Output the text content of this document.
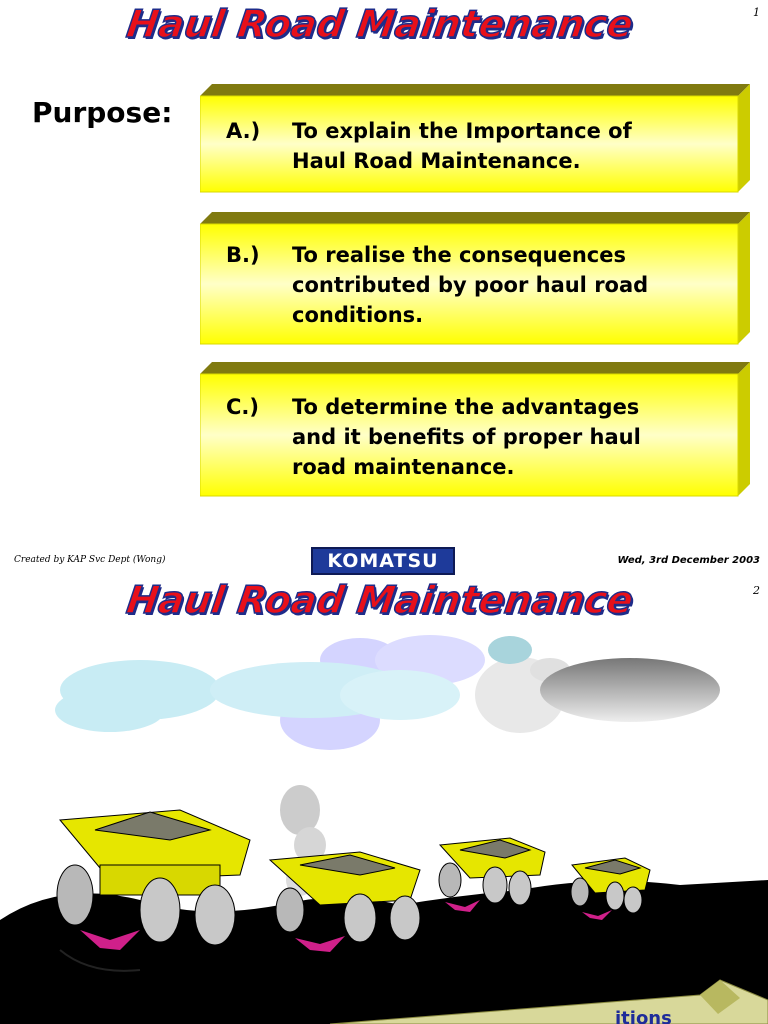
Haul Road Maintenance	1
Purpose:
A.) To explain the Importance of
Haul Road Maintenance.
B.) To realise the consequences
contributed by poor haul road
conditions.
C.) To determine the advantages
and it benefits of proper haul
road maintenance.
Created by KAP Svc Dept (Wong)	KOMATSU	Wed, 3rd December 2003
Haul Road Maintenance	2
itions
